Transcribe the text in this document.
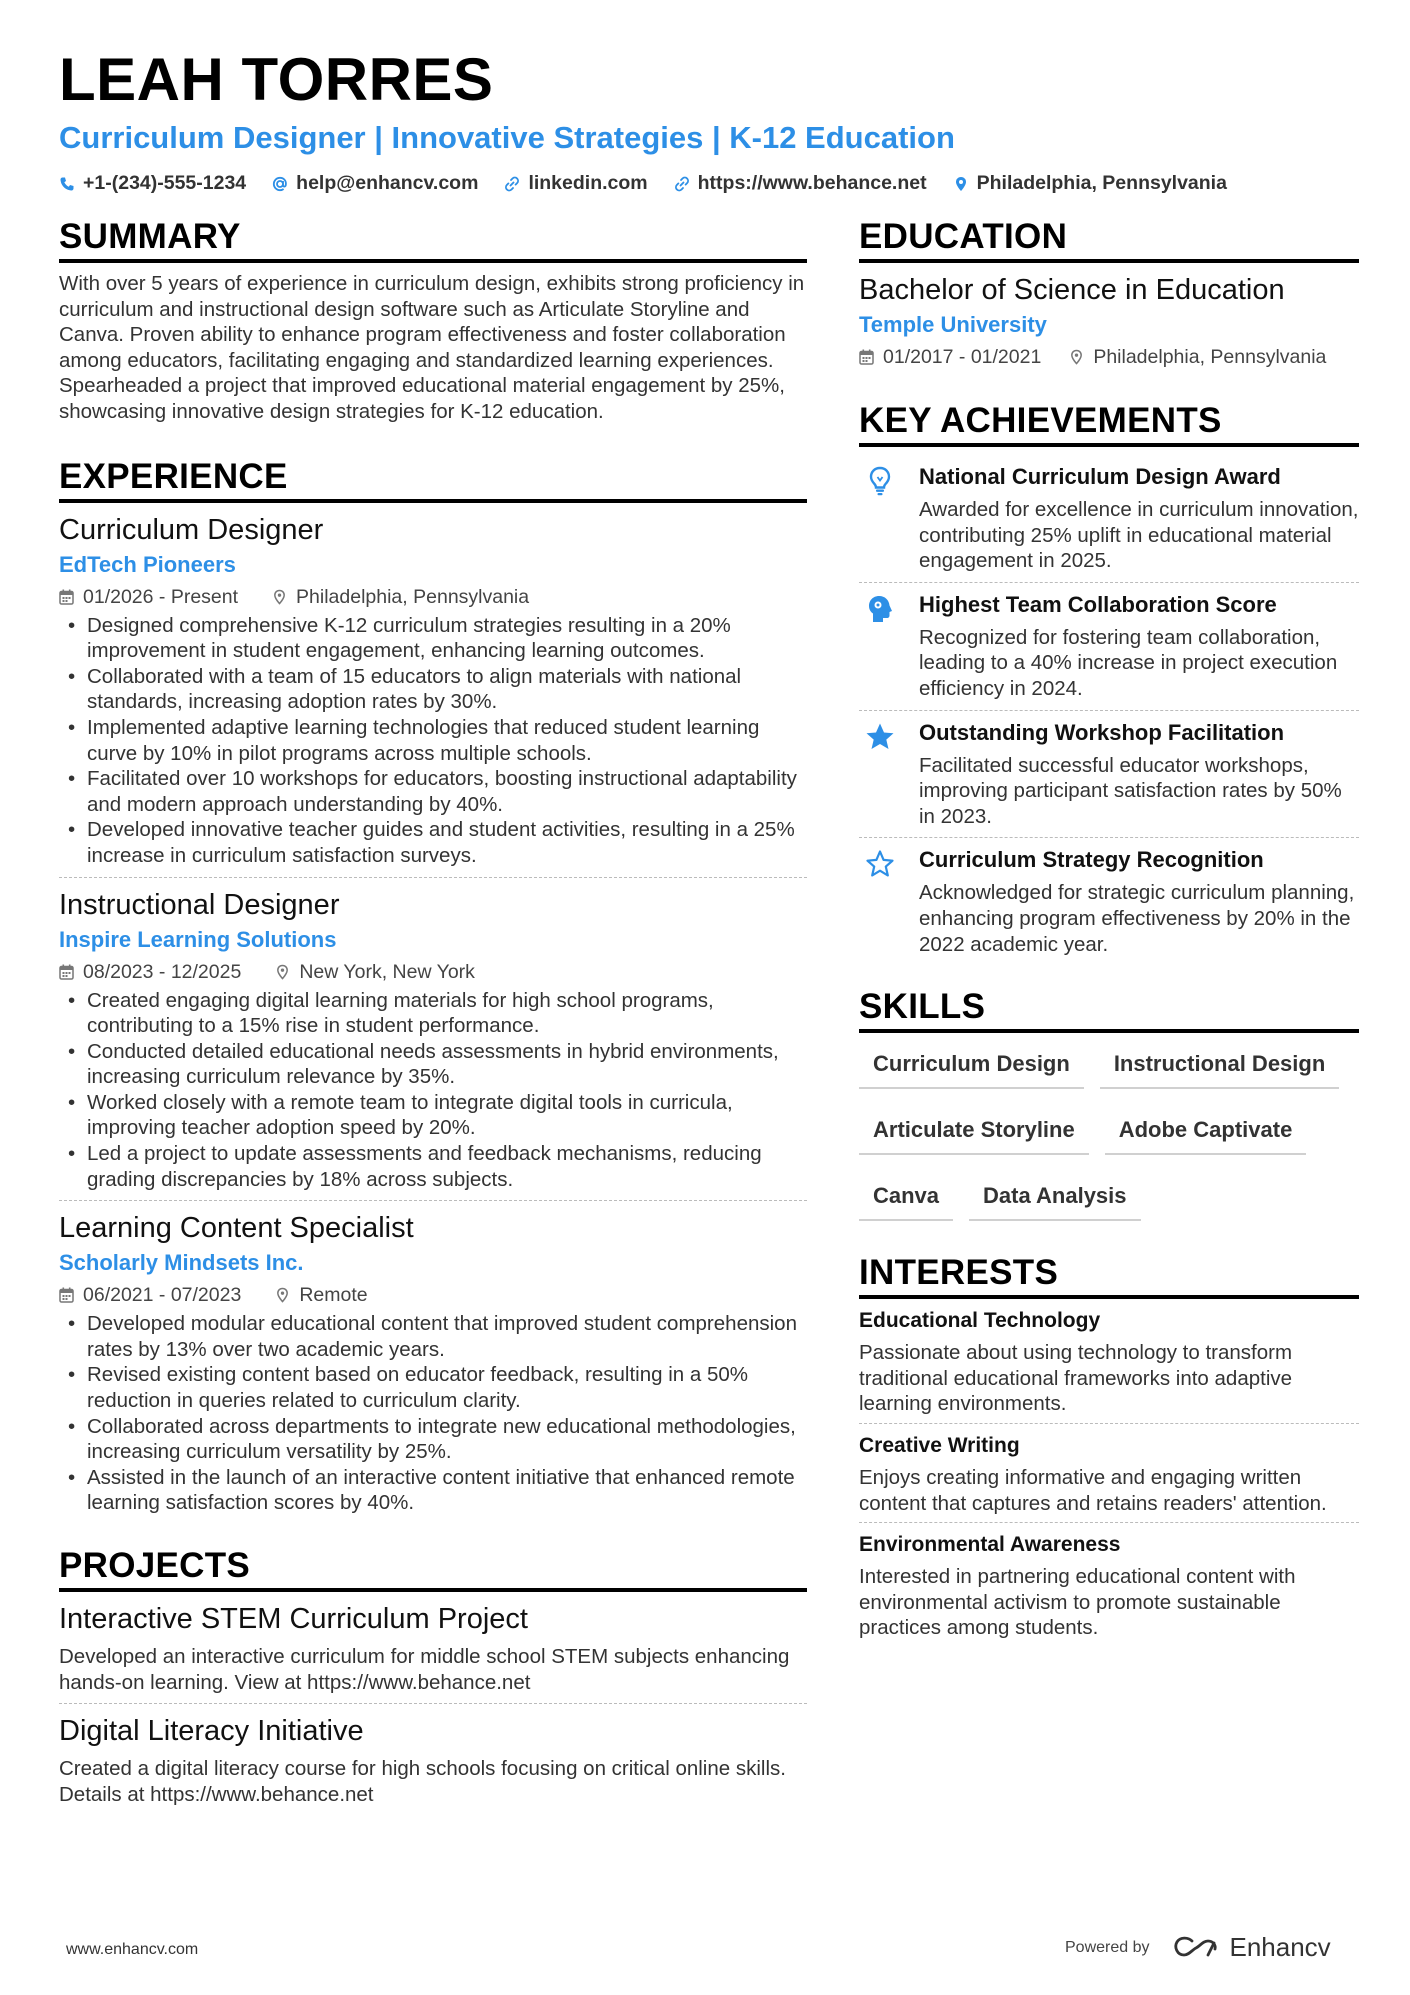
LEAH TORRES
Curriculum Designer | Innovative Strategies | K-12 Education
+1-(234)-555-1234	help@enhancv.com	linkedin.com	https://www.behance.net	Philadelphia, Pennsylvania
SUMMARY
With over 5 years of experience in curriculum design, exhibits strong proficiency in curriculum and instructional design software such as Articulate Storyline and Canva. Proven ability to enhance program effectiveness and foster collaboration among educators, facilitating engaging and standardized learning experiences. Spearheaded a project that improved educational material engagement by 25%, showcasing innovative design strategies for K-12 education.
EXPERIENCE
Curriculum Designer
EdTech Pioneers
01/2026 - Present	Philadelphia, Pennsylvania
• Designed comprehensive K-12 curriculum strategies resulting in a 20% improvement in student engagement, enhancing learning outcomes.
• Collaborated with a team of 15 educators to align materials with national standards, increasing adoption rates by 30%.
• Implemented adaptive learning technologies that reduced student learning curve by 10% in pilot programs across multiple schools.
• Facilitated over 10 workshops for educators, boosting instructional adaptability and modern approach understanding by 40%.
• Developed innovative teacher guides and student activities, resulting in a 25% increase in curriculum satisfaction surveys.
Instructional Designer
Inspire Learning Solutions
08/2023 - 12/2025	New York, New York
• Created engaging digital learning materials for high school programs, contributing to a 15% rise in student performance.
• Conducted detailed educational needs assessments in hybrid environments, increasing curriculum relevance by 35%.
• Worked closely with a remote team to integrate digital tools in curricula, improving teacher adoption speed by 20%.
• Led a project to update assessments and feedback mechanisms, reducing grading discrepancies by 18% across subjects.
Learning Content Specialist
Scholarly Mindsets Inc.
06/2021 - 07/2023	Remote
• Developed modular educational content that improved student comprehension rates by 13% over two academic years.
• Revised existing content based on educator feedback, resulting in a 50% reduction in queries related to curriculum clarity.
• Collaborated across departments to integrate new educational methodologies, increasing curriculum versatility by 25%.
• Assisted in the launch of an interactive content initiative that enhanced remote learning satisfaction scores by 40%.
PROJECTS
Interactive STEM Curriculum Project
Developed an interactive curriculum for middle school STEM subjects enhancing hands-on learning. View at https://www.behance.net
Digital Literacy Initiative
Created a digital literacy course for high schools focusing on critical online skills. Details at https://www.behance.net
EDUCATION
Bachelor of Science in Education
Temple University
01/2017 - 01/2021	Philadelphia, Pennsylvania
KEY ACHIEVEMENTS
National Curriculum Design Award
Awarded for excellence in curriculum innovation, contributing 25% uplift in educational material engagement in 2025.
Highest Team Collaboration Score
Recognized for fostering team collaboration, leading to a 40% increase in project execution efficiency in 2024.
Outstanding Workshop Facilitation
Facilitated successful educator workshops, improving participant satisfaction rates by 50% in 2023.
Curriculum Strategy Recognition
Acknowledged for strategic curriculum planning, enhancing program effectiveness by 20% in the 2022 academic year.
SKILLS
Curriculum Design	Instructional Design
Articulate Storyline	Adobe Captivate
Canva	Data Analysis
INTERESTS
Educational Technology
Passionate about using technology to transform traditional educational frameworks into adaptive learning environments.
Creative Writing
Enjoys creating informative and engaging written content that captures and retains readers' attention.
Environmental Awareness
Interested in partnering educational content with environmental activism to promote sustainable practices among students.
www.enhancv.com	Powered by	Enhancv
